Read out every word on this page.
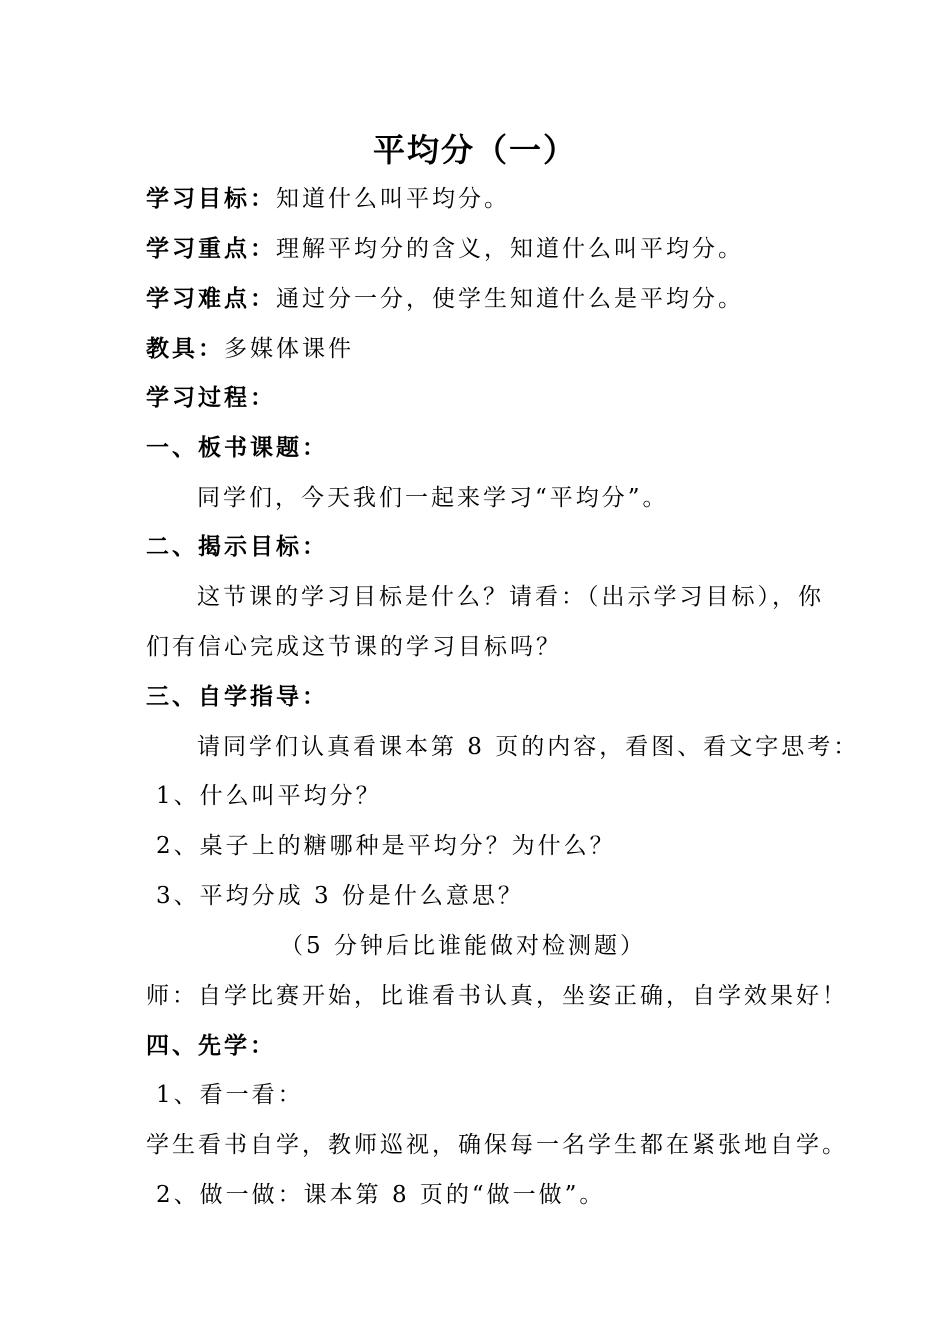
平均分（一）
学习目标：知道什么叫平均分。
学习重点：理解平均分的含义，知道什么叫平均分。
学习难点：通过分一分，使学生知道什么是平均分。
教具：多媒体课件
学习过程：
一、板书课题：
同学们，今天我们一起来学习“平均分”。
二、揭示目标：
这节课的学习目标是什么？请看：（出示学习目标），你
们有信心完成这节课的学习目标吗？
三、自学指导：
请同学们认真看课本第 8 页的内容，看图、看文字思考：
1、什么叫平均分？
2、桌子上的糖哪种是平均分？为什么？
3、平均分成 3 份是什么意思？
（5 分钟后比谁能做对检测题）
师：自学比赛开始，比谁看书认真，坐姿正确，自学效果好！
四、先学：
1、看一看：
学生看书自学，教师巡视，确保每一名学生都在紧张地自学。
2、做一做：课本第 8 页的“做一做”。
